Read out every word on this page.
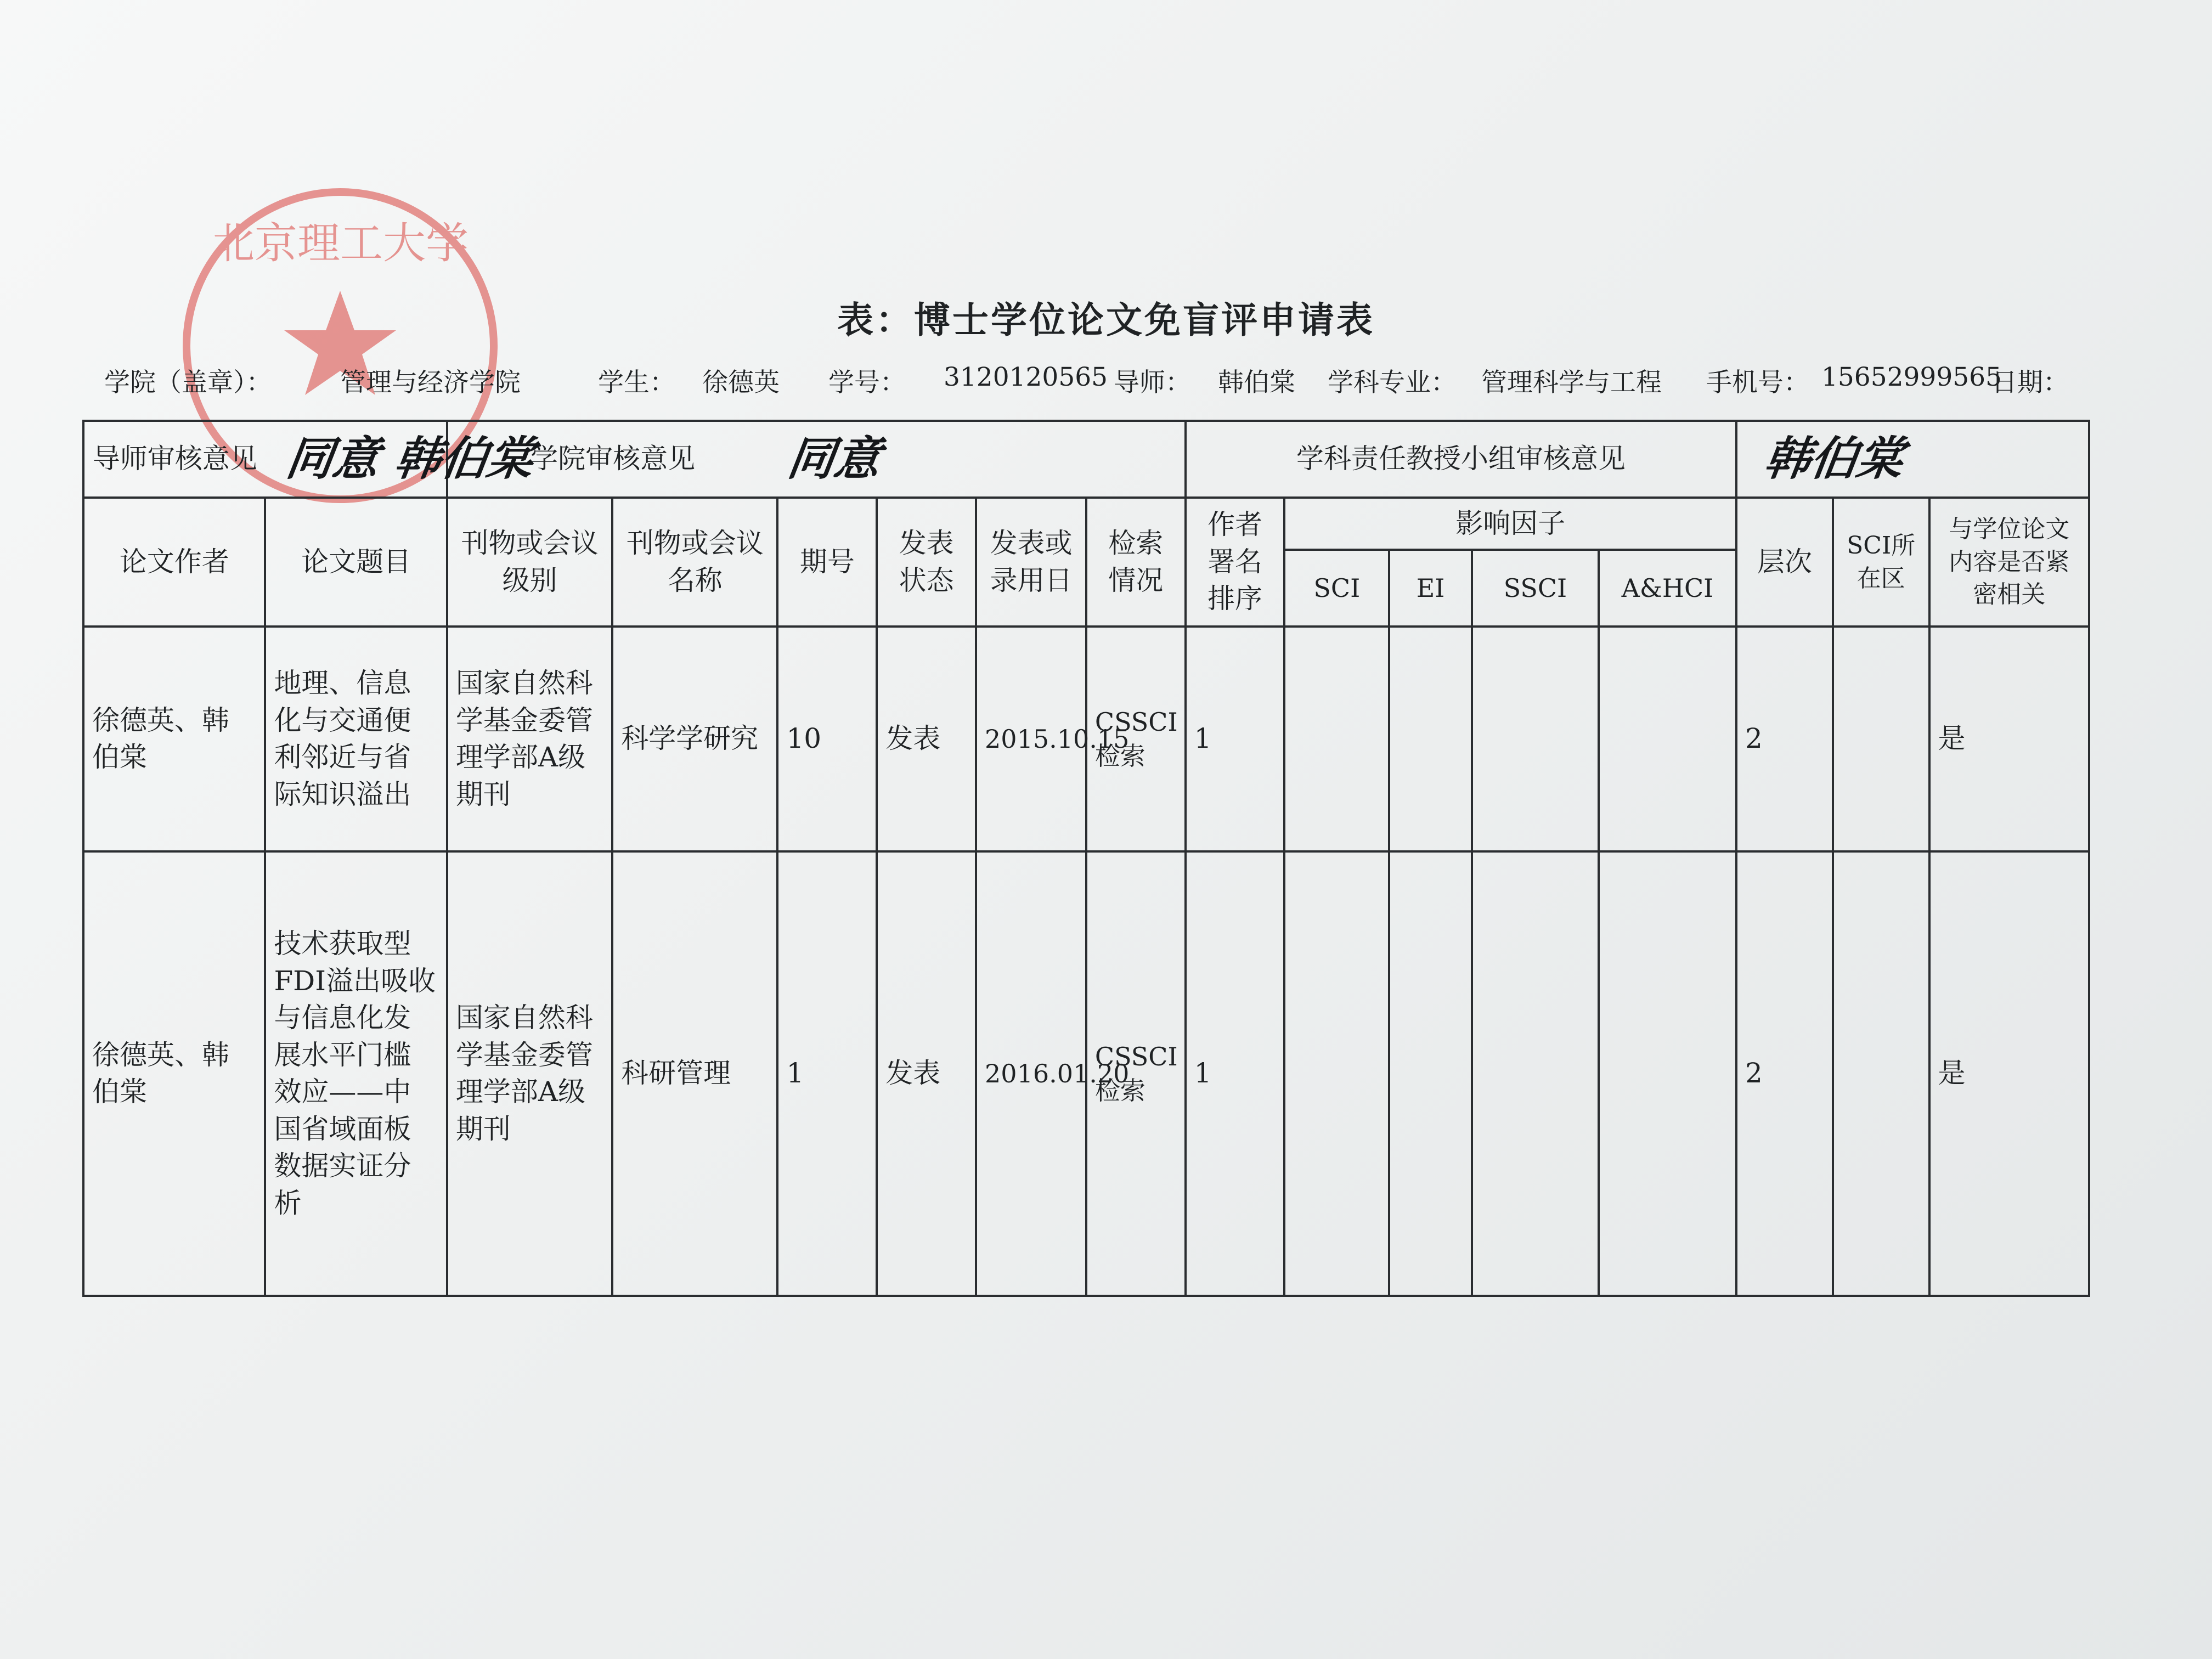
北京理工大学
表：博士学位论文免盲评申请表
学院（盖章）：	管理与经济学院	学生： 徐德英 学号： 3120120565 导师： 韩伯棠 学科专业： 管理科学与工程 手机号： 15652999565
日期：
导师审核意见	同意 韩伯棠	学院审核意见		同意				学科责任教授小组审核意见					韩伯棠		

论文作者	论文题目	刊物或会议级别	刊物或会议名称	期号	发表状态	发表或录用日	检索情况	作者署名排序	影响因子				层次	SCI所在区	与学位论文内容是否紧密相关
									SCI	EI	SSCI	A&HCI			
徐德英、韩伯棠	地理、信息化与交通便利邻近与省际知识溢出	国家自然科学基金委管理学部A级期刊	科学学研究	10	发表	2015.10.15	CSSCI检索	1					2		是
徐德英、韩伯棠	技术获取型FDI溢出吸收与信息化发展水平门槛效应——中国省域面板数据实证分析	国家自然科学基金委管理学部A级期刊	科研管理	1	发表	2016.01.20	CSSCI检索	1					2		是
